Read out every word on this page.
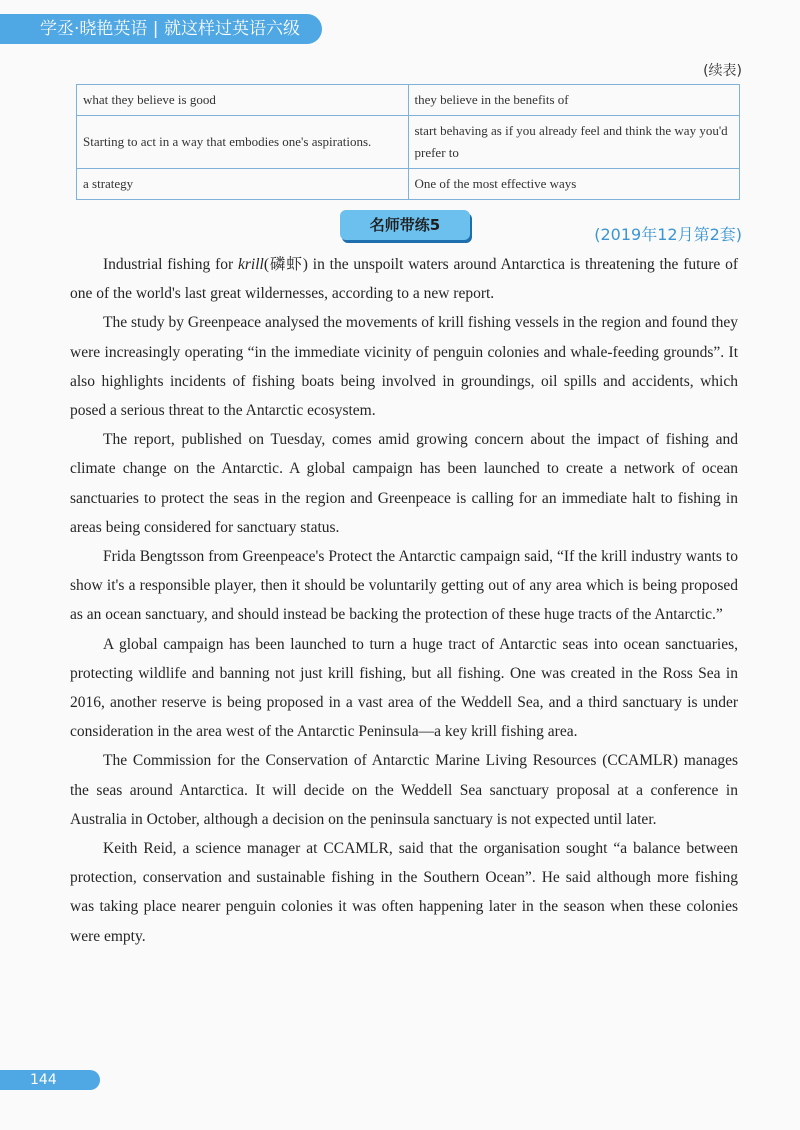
学丞·晓艳英语 | 就这样过英语六级
(续表)
what they believe is good	they believe in the benefits of
Starting to act in a way that embodies one's aspirations.	start behaving as if you already feel and think the way you'd prefer to
a strategy	One of the most effective ways
名师带练5	(2019年12月第2套)

Industrial fishing for krill(磷虾) in the unspoilt waters around Antarctica is threatening the future of one of the world's last great wildernesses, according to a new report.

The study by Greenpeace analysed the movements of krill fishing vessels in the region and found they were increasingly operating “in the immediate vicinity of penguin colonies and whale-feeding grounds”. It also highlights incidents of fishing boats being involved in groundings, oil spills and accidents, which posed a serious threat to the Antarctic ecosystem.

The report, published on Tuesday, comes amid growing concern about the impact of fishing and climate change on the Antarctic. A global campaign has been launched to create a network of ocean sanctuaries to protect the seas in the region and Greenpeace is calling for an immediate halt to fishing in areas being considered for sanctuary status.

Frida Bengtsson from Greenpeace's Protect the Antarctic campaign said, “If the krill industry wants to show it's a responsible player, then it should be voluntarily getting out of any area which is being proposed as an ocean sanctuary, and should instead be backing the protection of these huge tracts of the Antarctic.”

A global campaign has been launched to turn a huge tract of Antarctic seas into ocean sanctuaries, protecting wildlife and banning not just krill fishing, but all fishing. One was created in the Ross Sea in 2016, another reserve is being proposed in a vast area of the Weddell Sea, and a third sanctuary is under consideration in the area west of the Antarctic Peninsula—a key krill fishing area.

The Commission for the Conservation of Antarctic Marine Living Resources (CCAMLR) manages the seas around Antarctica. It will decide on the Weddell Sea sanctuary proposal at a conference in Australia in October, although a decision on the peninsula sanctuary is not expected until later.

Keith Reid, a science manager at CCAMLR, said that the organisation sought “a balance between protection, conservation and sustainable fishing in the Southern Ocean”. He said although more fishing was taking place nearer penguin colonies it was often happening later in the season when these colonies were empty.

144
